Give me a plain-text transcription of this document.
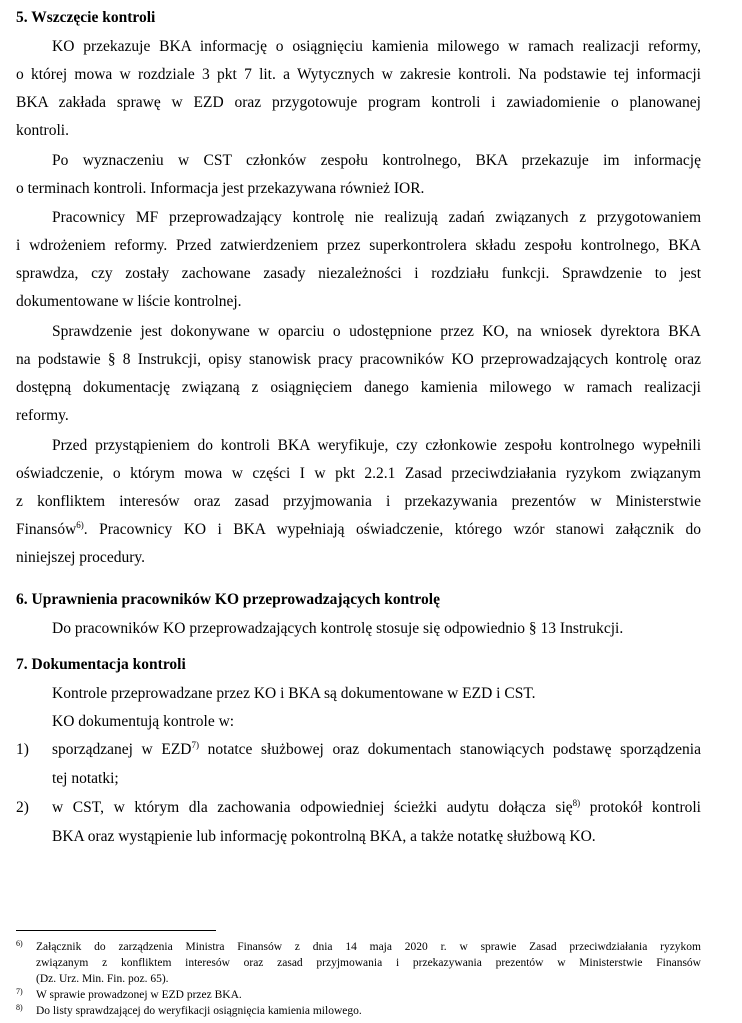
5. Wszczęcie kontroli
KO przekazuje BKA informację o osiągnięciu kamienia milowego w ramach realizacji reformy,
o której mowa w rozdziale 3 pkt 7 lit. a Wytycznych w zakresie kontroli. Na podstawie tej informacji
BKA zakłada sprawę w EZD oraz przygotowuje program kontroli i zawiadomienie o planowanej
kontroli.
Po wyznaczeniu w CST członków zespołu kontrolnego, BKA przekazuje im informację
o terminach kontroli. Informacja jest przekazywana również IOR.
Pracownicy MF przeprowadzający kontrolę nie realizują zadań związanych z przygotowaniem
i wdrożeniem reformy. Przed zatwierdzeniem przez superkontrolera składu zespołu kontrolnego, BKA
sprawdza, czy zostały zachowane zasady niezależności i rozdziału funkcji. Sprawdzenie to jest
dokumentowane w liście kontrolnej.
Sprawdzenie jest dokonywane w oparciu o udostępnione przez KO, na wniosek dyrektora BKA
na podstawie § 8 Instrukcji, opisy stanowisk pracy pracowników KO przeprowadzających kontrolę oraz
dostępną dokumentację związaną z osiągnięciem danego kamienia milowego w ramach realizacji
reformy.
Przed przystąpieniem do kontroli BKA weryfikuje, czy członkowie zespołu kontrolnego wypełnili
oświadczenie, o którym mowa w części I w pkt 2.2.1 Zasad przeciwdziałania ryzykom związanym
z konfliktem interesów oraz zasad przyjmowania i przekazywania prezentów w Ministerstwie
Finansów$^{6)}$. Pracownicy KO i BKA wypełniają oświadczenie, którego wzór stanowi załącznik do
niniejszej procedury.
6. Uprawnienia pracowników KO przeprowadzających kontrolę
Do pracowników KO przeprowadzających kontrolę stosuje się odpowiednio § 13 Instrukcji.
7. Dokumentacja kontroli
Kontrole przeprowadzane przez KO i BKA są dokumentowane w EZD i CST.
KO dokumentują kontrole w:
1) sporządzanej w EZD$^{7)}$ notatce służbowej oraz dokumentach stanowiących podstawę sporządzenia
tej notatki;
2) w CST, w którym dla zachowania odpowiedniej ścieżki audytu dołącza się$^{8)}$ protokół kontroli
BKA oraz wystąpienie lub informację pokontrolną BKA, a także notatkę służbową KO.
6) Załącznik do zarządzenia Ministra Finansów z dnia 14 maja 2020 r. w sprawie Zasad przeciwdziałania ryzykom
związanym z konfliktem interesów oraz zasad przyjmowania i przekazywania prezentów w Ministerstwie Finansów
(Dz. Urz. Min. Fin. poz. 65).
7) W sprawie prowadzonej w EZD przez BKA.
8) Do listy sprawdzającej do weryfikacji osiągnięcia kamienia milowego.
